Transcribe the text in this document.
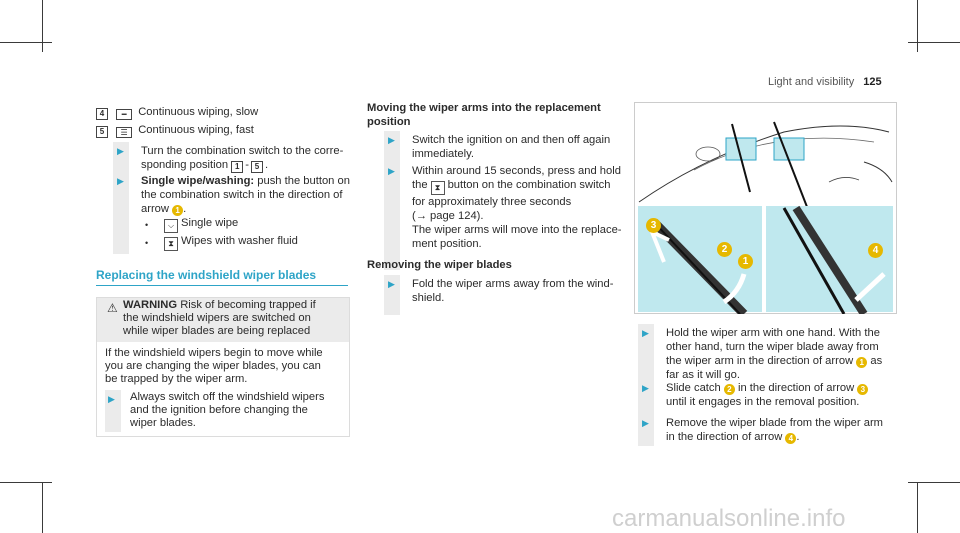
Light and visibility 125
4 ━ Continuous wiping, slow
5 ☰ Continuous wiping, fast
▶ Turn the combination switch to the corre-
sponding position 1 - 5 .
▶ Single wipe/washing: push the button on
the combination switch in the direction of
arrow 1 .
•	⌵ Single wipe
•	⧗ Wipes with washer fluid
Replacing the windshield wiper blades
⚠ WARNING Risk of becoming trapped if
the windshield wipers are switched on
while wiper blades are being replaced
If the windshield wipers begin to move while
you are changing the wiper blades, you can
be trapped by the wiper arm.
▶ Always switch off the windshield wipers
and the ignition before changing the
wiper blades.
Moving the wiper arms into the replacement
position
▶ Switch the ignition on and then off again
immediately.
▶ Within around 15 seconds, press and hold
the ⧗ button on the combination switch
for approximately three seconds
(→ page 124).
The wiper arms will move into the replace-
ment position.
Removing the wiper blades
▶ Fold the wiper arms away from the wind-
shield.
3
2
1
4
▶ Hold the wiper arm with one hand. With the
other hand, turn the wiper blade away from
the wiper arm in the direction of arrow 1 as
far as it will go.
▶ Slide catch 2 in the direction of arrow 3
until it engages in the removal position.
▶ Remove the wiper blade from the wiper arm
in the direction of arrow 4 .
carmanualsonline.info
